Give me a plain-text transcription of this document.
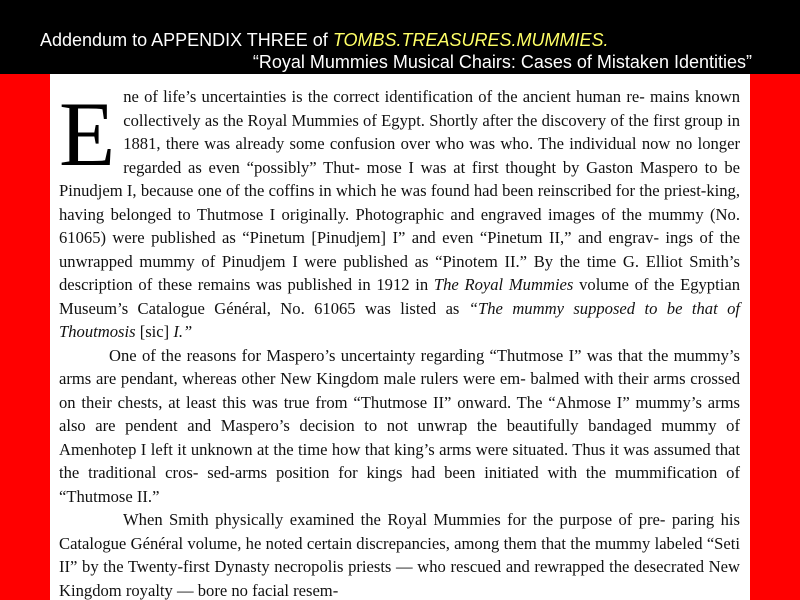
Addendum to APPENDIX THREE of TOMBS.TREASURES.MUMMIES.
“Royal Mummies Musical Chairs: Cases of Mistaken Identities”

Ene of life’s uncertainties is the correct identification of the ancient human re- mains known collectively as the Royal Mummies of Egypt. Shortly after the discovery of the first group in 1881, there was already some confusion over who was who. The individual now no longer regarded as even “possibly” Thut- mose I was at first thought by Gaston Maspero to be Pinudjem I, because one of the coffins in which he was found had been reinscribed for the priest-king, having belonged to Thutmose I originally. Photographic and engraved images of the mummy (No. 61065) were published as “Pinetum [Pinudjem] I” and even “Pinetum II,” and engrav- ings of the unwrapped mummy of Pinudjem I were published as “Pinotem II.” By the time G. Elliot Smith’s description of these remains was published in 1912 in The Royal Mummies volume of the Egyptian Museum’s Catalogue Général, No. 61065 was listed as “The mummy supposed to be that of Thoutmosis [sic] I.”

One of the reasons for Maspero’s uncertainty regarding “Thutmose I” was that the mummy’s arms are pendant, whereas other New Kingdom male rulers were em- balmed with their arms crossed on their chests, at least this was true from “Thutmose II” onward. The “Ahmose I” mummy’s arms also are pendent and Maspero’s decision to not unwrap the beautifully bandaged mummy of Amenhotep I left it unknown at the time how that king’s arms were situated. Thus it was assumed that the traditional cros- sed-arms position for kings had been initiated with the mummification of “Thutmose II.”

When Smith physically examined the Royal Mummies for the purpose of pre- paring his Catalogue Général volume, he noted certain discrepancies, among them that the mummy labeled “Seti II” by the Twenty-first Dynasty necropolis priests — who rescued and rewrapped the desecrated New Kingdom royalty — bore no facial resem-
